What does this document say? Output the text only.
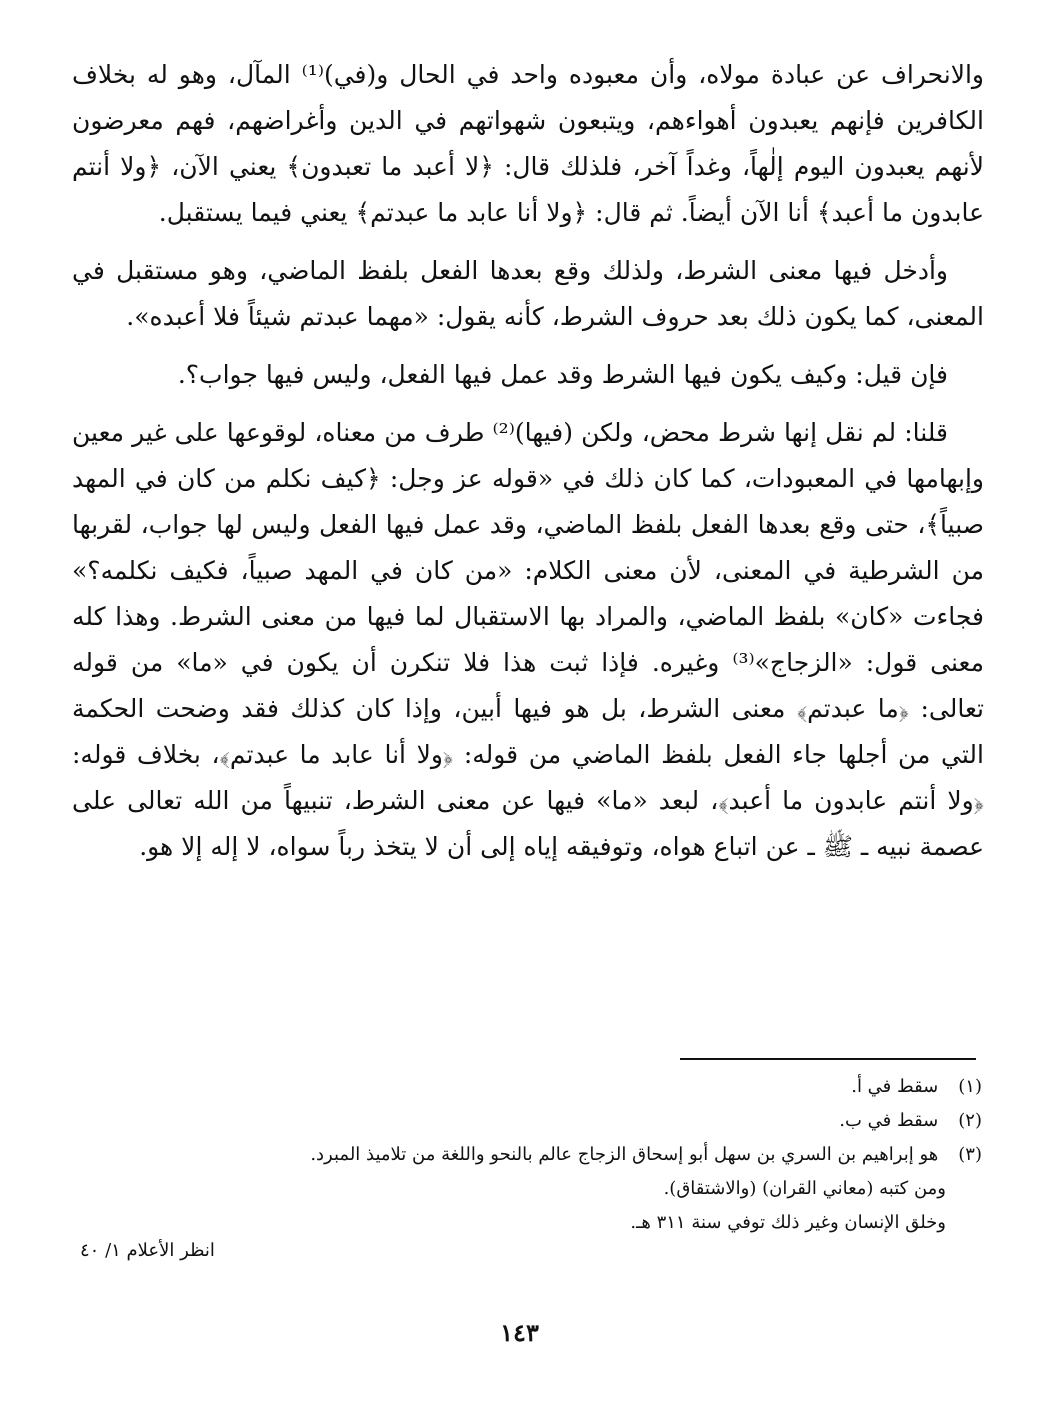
والانحراف عن عبادة مولاه، وأن معبوده واحد في الحال و(في)⁽¹⁾ المآل، وهو له بخلاف الكافرين فإنهم يعبدون أهواءهم، ويتبعون شهواتهم في الدين وأغراضهم، فهم معرضون لأنهم يعبدون اليوم إلٰهاً، وغداً آخر، فلذلك قال: ﴿لا أعبد ما تعبدون﴾ يعني الآن، ﴿ولا أنتم عابدون ما أعبد﴾ أنا الآن أيضاً. ثم قال: ﴿ولا أنا عابد ما عبدتم﴾ يعني فيما يستقبل.

وأدخل فيها معنى الشرط، ولذلك وقع بعدها الفعل بلفظ الماضي، وهو مستقبل في المعنى، كما يكون ذلك بعد حروف الشرط، كأنه يقول: «مهما عبدتم شيئاً فلا أعبده».

فإن قيل: وكيف يكون فيها الشرط وقد عمل فيها الفعل، وليس فيها جواب؟.

قلنا: لم نقل إنها شرط محض، ولكن (فيها)⁽²⁾ طرف من معناه، لوقوعها على غير معين وإبهامها في المعبودات، كما كان ذلك في «قوله عز وجل: ﴿كيف نكلم من كان في المهد صبياً﴾، حتى وقع بعدها الفعل بلفظ الماضي، وقد عمل فيها الفعل وليس لها جواب، لقربها من الشرطية في المعنى، لأن معنى الكلام: «من كان في المهد صبياً، فكيف نكلمه؟» فجاءت «كان» بلفظ الماضي، والمراد بها الاستقبال لما فيها من معنى الشرط. وهذا كله معنى قول: «الزجاج»⁽³⁾ وغيره. فإذا ثبت هذا فلا تنكرن أن يكون في «ما» من قوله تعالى: ﴿ما عبدتم﴾ معنى الشرط، بل هو فيها أبين، وإذا كان كذلك فقد وضحت الحكمة التي من أجلها جاء الفعل بلفظ الماضي من قوله: ﴿ولا أنا عابد ما عبدتم﴾، بخلاف قوله: ﴿ولا أنتم عابدون ما أعبد﴾، لبعد «ما» فيها عن معنى الشرط، تنبيهاً من الله تعالى على عصمة نبيه ـ ﷺ ـ عن اتباع هواه، وتوفيقه إياه إلى أن لا يتخذ رباً سواه، لا إله إلا هو.

(١) سقط في أ.

(٢) سقط في ب.

(٣) هو إبراهيم بن السري بن سهل أبو إسحاق الزجاج عالم بالنحو واللغة من تلاميذ المبرد.

ومن كتبه (معاني القران) (والاشتقاق).

وخلق الإنسان وغير ذلك توفي سنة ٣١١ هـ.

انظر الأعلام ١/ ٤٠
١٤٣
